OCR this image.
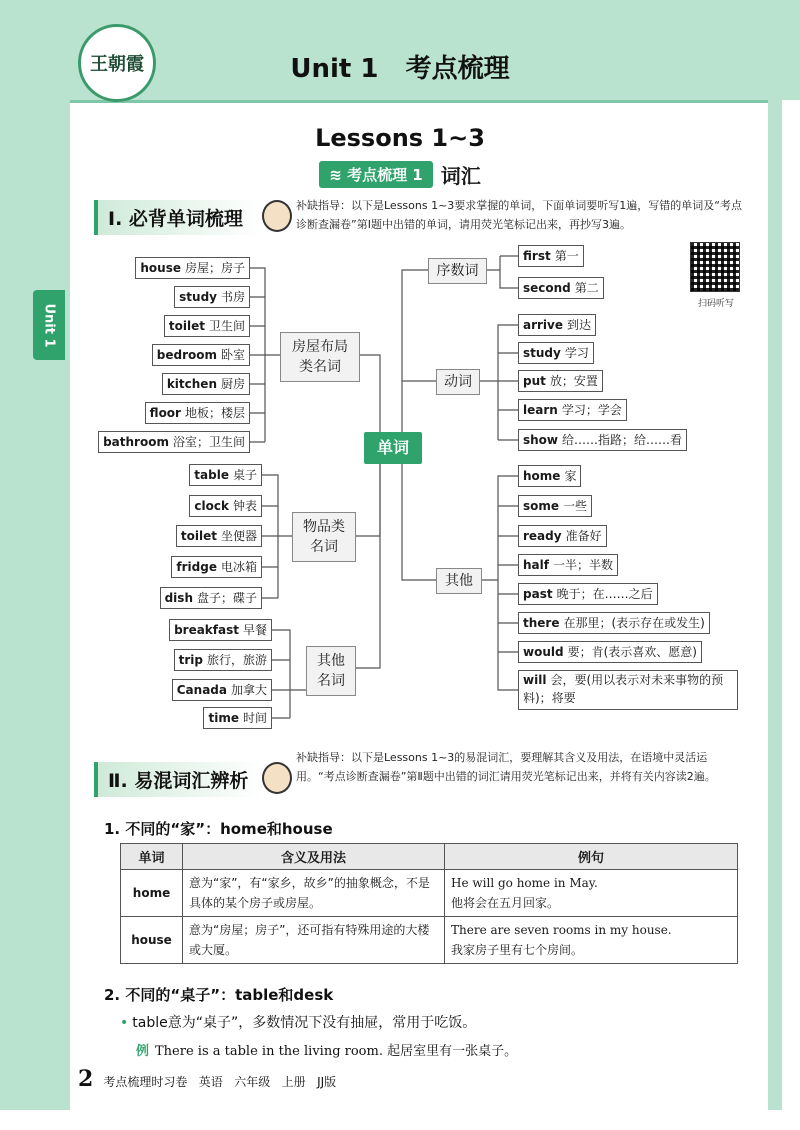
王朝霞	Unit 1   考点梳理
Unit 1
Lessons 1~3
≋ 考点梳理 1 词汇
Ⅰ. 必背单词梳理
补缺指导：以下是Lessons 1~3要求掌握的单词，下面单词要听写1遍，写错的单词及“考点诊断查漏卷”第Ⅰ题中出错的单词，请用荧光笔标记出来，再抄写3遍。
扫码听写
房屋布局类名词
物品类名词
其他名词
单词
序数词
动词
其他
house 房屋；房子
study 书房
toilet 卫生间
bedroom 卧室
kitchen 厨房
floor 地板；楼层
bathroom 浴室；卫生间
table 桌子
clock 钟表
toilet 坐便器
fridge 电冰箱
dish 盘子；碟子
breakfast 早餐
trip 旅行，旅游
Canada 加拿大
time 时间
first 第一
second 第二
arrive 到达
study 学习
put 放；安置
learn 学习；学会
show 给……指路；给……看
home 家
some 一些
ready 准备好
half 一半；半数
past 晚于；在……之后
there 在那里；(表示存在或发生)
would 要；肯(表示喜欢、愿意)
will 会，要(用以表示对未来事物的预料)；将要
Ⅱ. 易混词汇辨析
补缺指导：以下是Lessons 1~3的易混词汇，要理解其含义及用法，在语境中灵活运用。“考点诊断查漏卷”第Ⅱ题中出错的词汇请用荧光笔标记出来，并将有关内容读2遍。
1. 不同的“家”：home和house
单词	含义及用法	例句
home	意为“家”，有“家乡，故乡”的抽象概念，不是具体的某个房子或房屋。	He will go home in May.
他将会在五月回家。

house	意为“房屋；房子”，还可指有特殊用途的大楼或大厦。	There are seven rooms in my house.
我家房子里有七个房间。
2. 不同的“桌子”：table和desk
• table意为“桌子”，多数情况下没有抽屉，常用于吃饭。
例 There is a table in the living room. 起居室里有一张桌子。
2 考点梳理时习卷   英语   六年级   上册   JJ版
